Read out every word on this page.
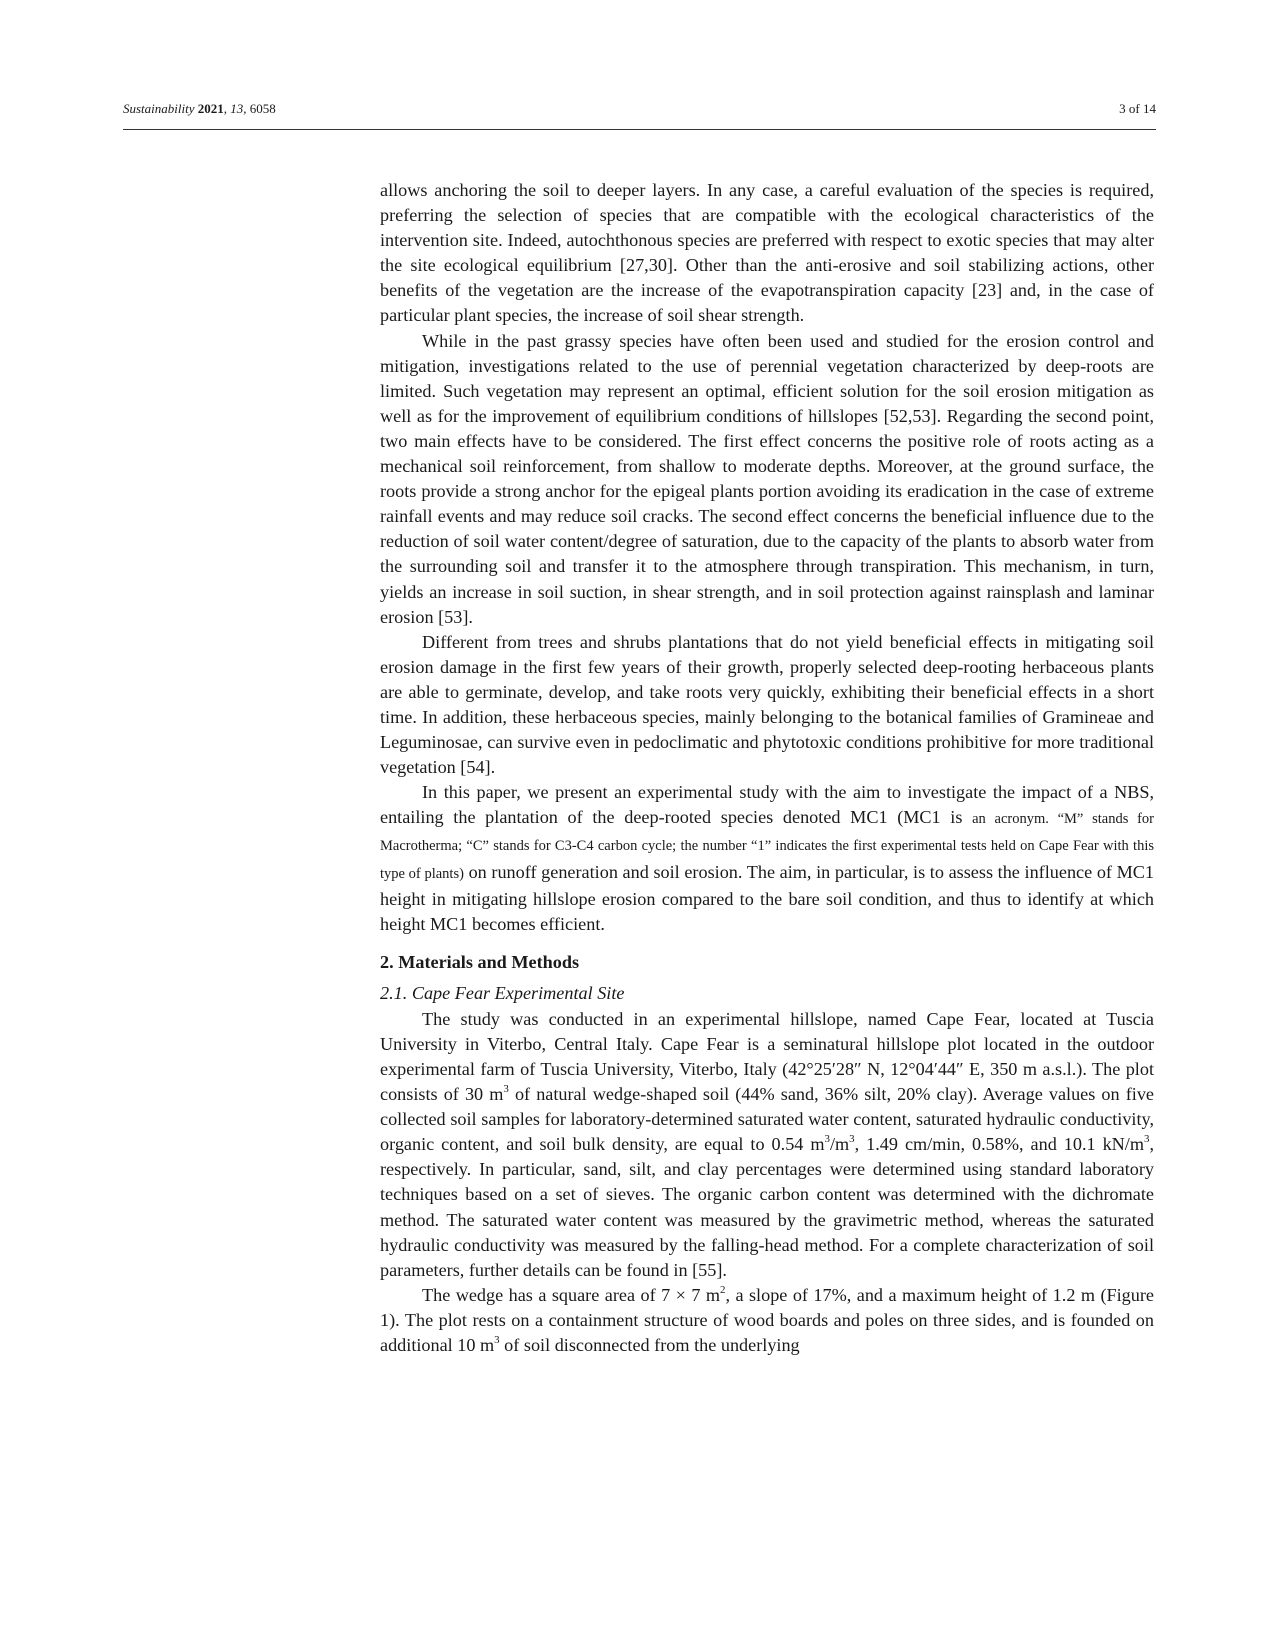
Sustainability 2021, 13, 6058	3 of 14

allows anchoring the soil to deeper layers. In any case, a careful evaluation of the species is required, preferring the selection of species that are compatible with the ecological characteristics of the intervention site. Indeed, autochthonous species are preferred with respect to exotic species that may alter the site ecological equilibrium [27,30]. Other than the anti-erosive and soil stabilizing actions, other benefits of the vegetation are the increase of the evapotranspiration capacity [23] and, in the case of particular plant species, the increase of soil shear strength.

While in the past grassy species have often been used and studied for the erosion control and mitigation, investigations related to the use of perennial vegetation characterized by deep-roots are limited. Such vegetation may represent an optimal, efficient solution for the soil erosion mitigation as well as for the improvement of equilibrium conditions of hillslopes [52,53]. Regarding the second point, two main effects have to be considered. The first effect concerns the positive role of roots acting as a mechanical soil reinforcement, from shallow to moderate depths. Moreover, at the ground surface, the roots provide a strong anchor for the epigeal plants portion avoiding its eradication in the case of extreme rainfall events and may reduce soil cracks. The second effect concerns the beneficial influence due to the reduction of soil water content/degree of saturation, due to the capacity of the plants to absorb water from the surrounding soil and transfer it to the atmosphere through transpiration. This mechanism, in turn, yields an increase in soil suction, in shear strength, and in soil protection against rainsplash and laminar erosion [53].

Different from trees and shrubs plantations that do not yield beneficial effects in mitigating soil erosion damage in the first few years of their growth, properly selected deep-rooting herbaceous plants are able to germinate, develop, and take roots very quickly, exhibiting their beneficial effects in a short time. In addition, these herbaceous species, mainly belonging to the botanical families of Gramineae and Leguminosae, can survive even in pedoclimatic and phytotoxic conditions prohibitive for more traditional vegetation [54].

In this paper, we present an experimental study with the aim to investigate the impact of a NBS, entailing the plantation of the deep-rooted species denoted MC1 (MC1 is an acronym. “M” stands for Macrotherma; “C” stands for C3-C4 carbon cycle; the number “1” indicates the first experimental tests held on Cape Fear with this type of plants) on runoff generation and soil erosion. The aim, in particular, is to assess the influence of MC1 height in mitigating hillslope erosion compared to the bare soil condition, and thus to identify at which height MC1 becomes efficient.

2. Materials and Methods
2.1. Cape Fear Experimental Site

The study was conducted in an experimental hillslope, named Cape Fear, located at Tuscia University in Viterbo, Central Italy. Cape Fear is a seminatural hillslope plot located in the outdoor experimental farm of Tuscia University, Viterbo, Italy (42°25′28″ N, 12°04′44″ E, 350 m a.s.l.). The plot consists of 30 $m^3$ of natural wedge-shaped soil (44% sand, 36% silt, 20% clay). Average values on five collected soil samples for laboratory-determined saturated water content, saturated hydraulic conductivity, organic content, and soil bulk density, are equal to 0.54 $m^3/m^3$, 1.49 cm/min, 0.58%, and 10.1 $kN/m^3$, respectively. In particular, sand, silt, and clay percentages were determined using standard laboratory techniques based on a set of sieves. The organic carbon content was determined with the dichromate method. The saturated water content was measured by the gravimetric method, whereas the saturated hydraulic conductivity was measured by the falling-head method. For a complete characterization of soil parameters, further details can be found in [55].

The wedge has a square area of 7 × 7 $m^2$, a slope of 17%, and a maximum height of 1.2 m (Figure 1). The plot rests on a containment structure of wood boards and poles on three sides, and is founded on additional 10 $m^3$ of soil disconnected from the underlying
